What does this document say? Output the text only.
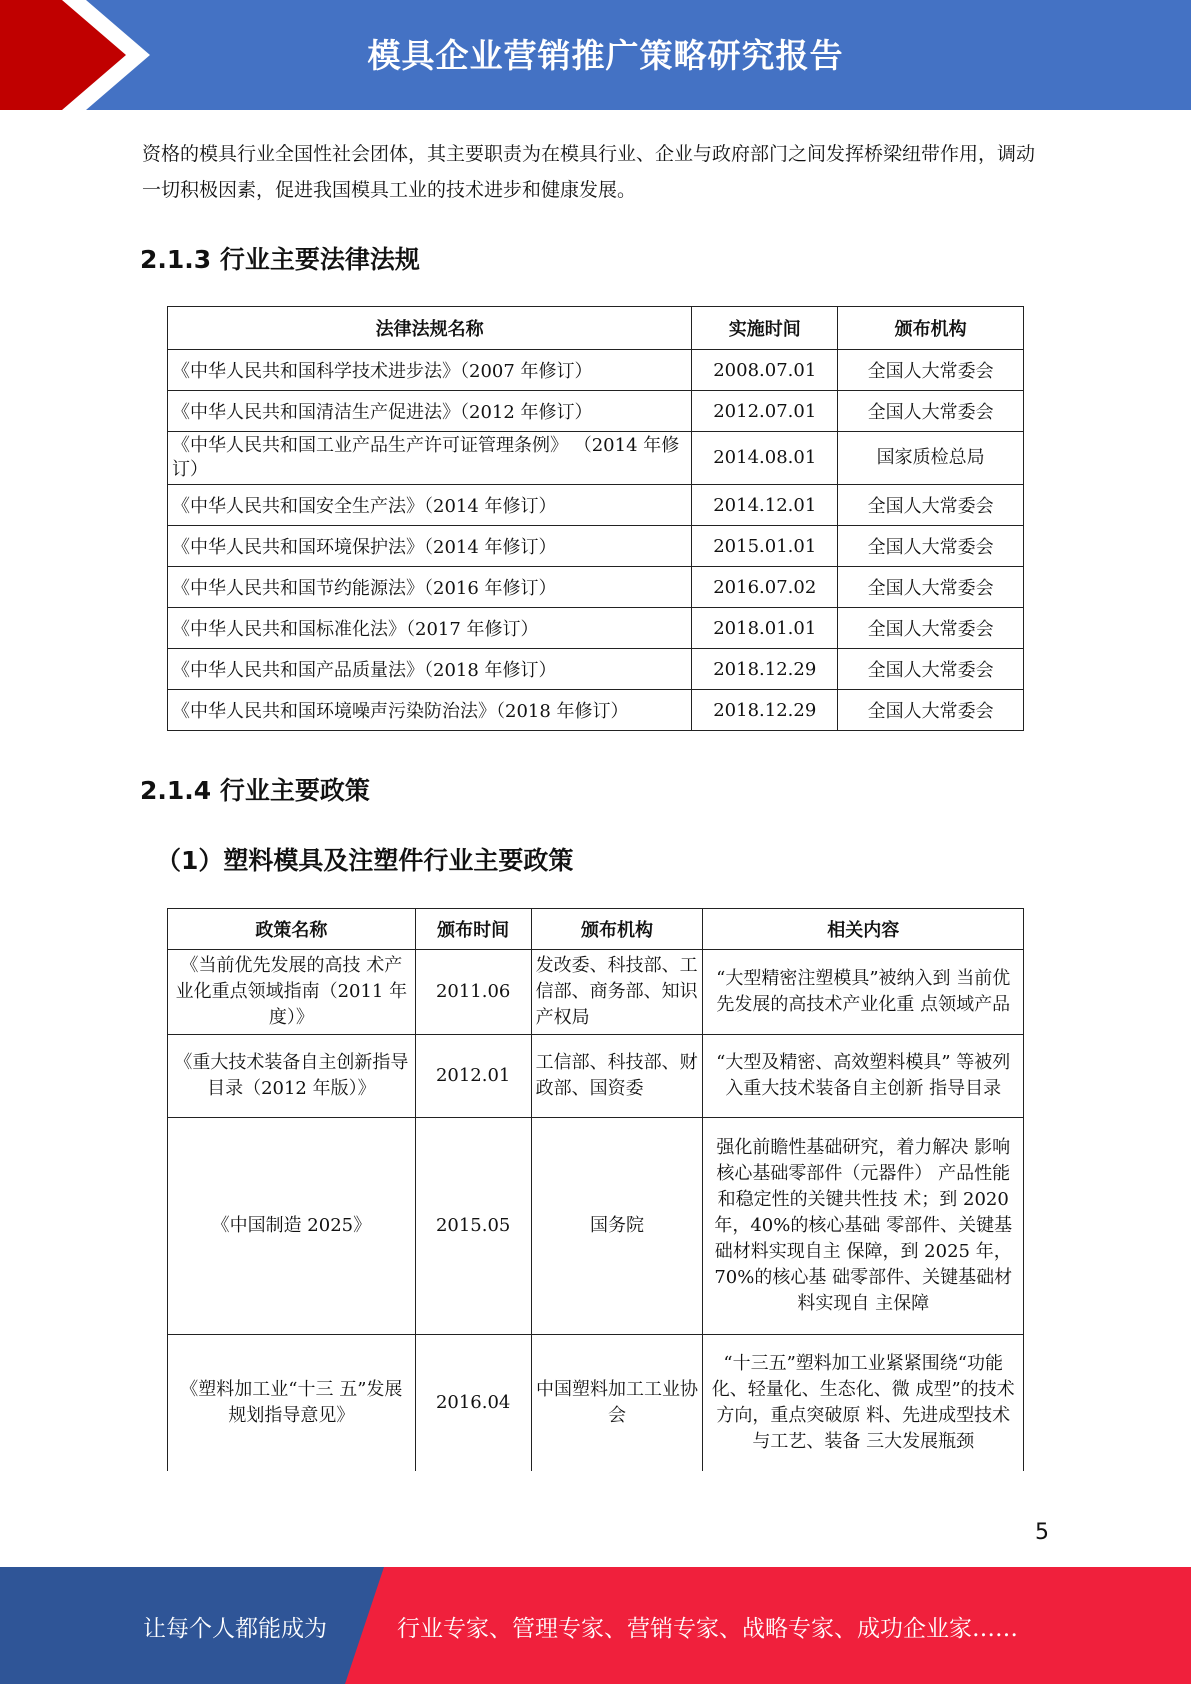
模具企业营销推广策略研究报告
资格的模具行业全国性社会团体，其主要职责为在模具行业、企业与政府部门之间发挥桥梁纽带作用，调动一切积极因素，促进我国模具工业的技术进步和健康发展。
2.1.3 行业主要法律法规
法律法规名称	实施时间	颁布机构
《中华人民共和国科学技术进步法》（2007 年修订）	2008.07.01	全国人大常委会
《中华人民共和国清洁生产促进法》（2012 年修订）	2012.07.01	全国人大常委会
《中华人民共和国工业产品生产许可证管理条例》 （2014 年修订）	2014.08.01	国家质检总局
《中华人民共和国安全生产法》（2014 年修订）	2014.12.01	全国人大常委会
《中华人民共和国环境保护法》（2014 年修订）	2015.01.01	全国人大常委会
《中华人民共和国节约能源法》（2016 年修订）	2016.07.02	全国人大常委会
《中华人民共和国标准化法》（2017 年修订）	2018.01.01	全国人大常委会
《中华人民共和国产品质量法》（2018 年修订）	2018.12.29	全国人大常委会
《中华人民共和国环境噪声污染防治法》（2018 年修订）	2018.12.29	全国人大常委会
2.1.4 行业主要政策
（1）塑料模具及注塑件行业主要政策
政策名称	颁布时间	颁布机构	相关内容
《当前优先发展的高技 术产业化重点领域指南（2011 年度）》	2011.06	发改委、科技部、工信部、商务部、知识产权局	“大型精密注塑模具”被纳入到 当前优先发展的高技术产业化重 点领域产品
《重大技术装备自主创新指导目录（2012 年版）》	2012.01	工信部、科技部、财政部、国资委	“大型及精密、高效塑料模具” 等被列入重大技术装备自主创新 指导目录
《中国制造 2025》	2015.05	国务院	强化前瞻性基础研究，着力解决 影响核心基础零部件（元器件） 产品性能和稳定性的关键共性技 术；到 2020 年，40%的核心基础 零部件、关键基础材料实现自主 保障，到 2025 年，70%的核心基 础零部件、关键基础材料实现自 主保障
《塑料加工业“十三 五”发展规划指导意见》	2016.04	中国塑料加工工业协会	“十三五”塑料加工业紧紧围绕“功能化、轻量化、生态化、微 成型”的技术方向，重点突破原 料、先进成型技术与工艺、装备 三大发展瓶颈
5
让每个人都能成为	行业专家、管理专家、营销专家、战略专家、成功企业家……
